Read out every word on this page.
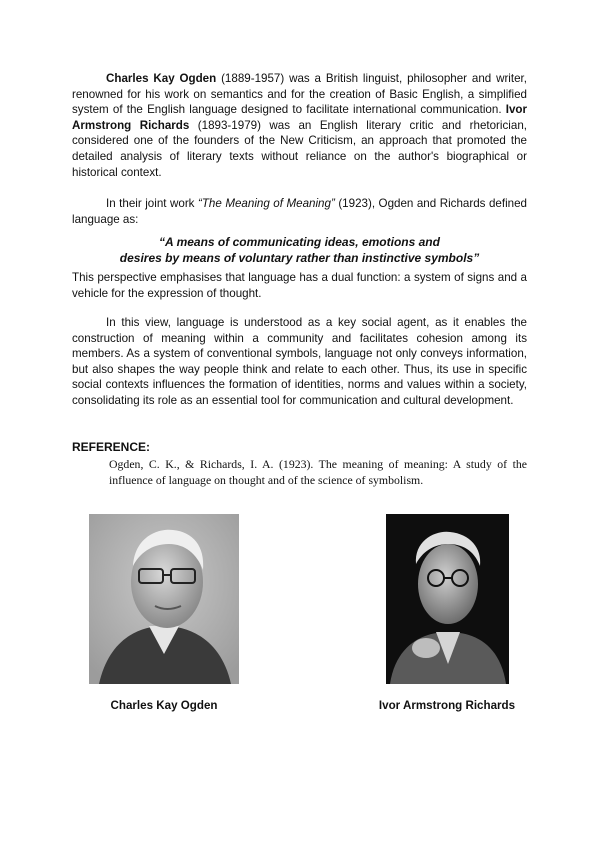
Charles Kay Ogden (1889-1957) was a British linguist, philosopher and writer, renowned for his work on semantics and for the creation of Basic English, a simplified system of the English language designed to facilitate international communication. Ivor Armstrong Richards (1893-1979) was an English literary critic and rhetorician, considered one of the founders of the New Criticism, an approach that promoted the detailed analysis of literary texts without reliance on the author's biographical or historical context.

In their joint work “The Meaning of Meaning” (1923), Ogden and Richards defined language as:

“A means of communicating ideas, emotions and
desires by means of voluntary rather than instinctive symbols”

This perspective emphasises that language has a dual function: a system of signs and a vehicle for the expression of thought.

In this view, language is understood as a key social agent, as it enables the construction of meaning within a community and facilitates cohesion among its members. As a system of conventional symbols, language not only conveys information, but also shapes the way people think and relate to each other. Thus, its use in specific social contexts influences the formation of identities, norms and values within a society, consolidating its role as an essential tool for communication and cultural development.

REFERENCE:

Ogden, C. K., & Richards, I. A. (1923). The meaning of meaning: A study of the influence of language on thought and of the science of symbolism.

Charles Kay Ogden	Ivor Armstrong Richards
